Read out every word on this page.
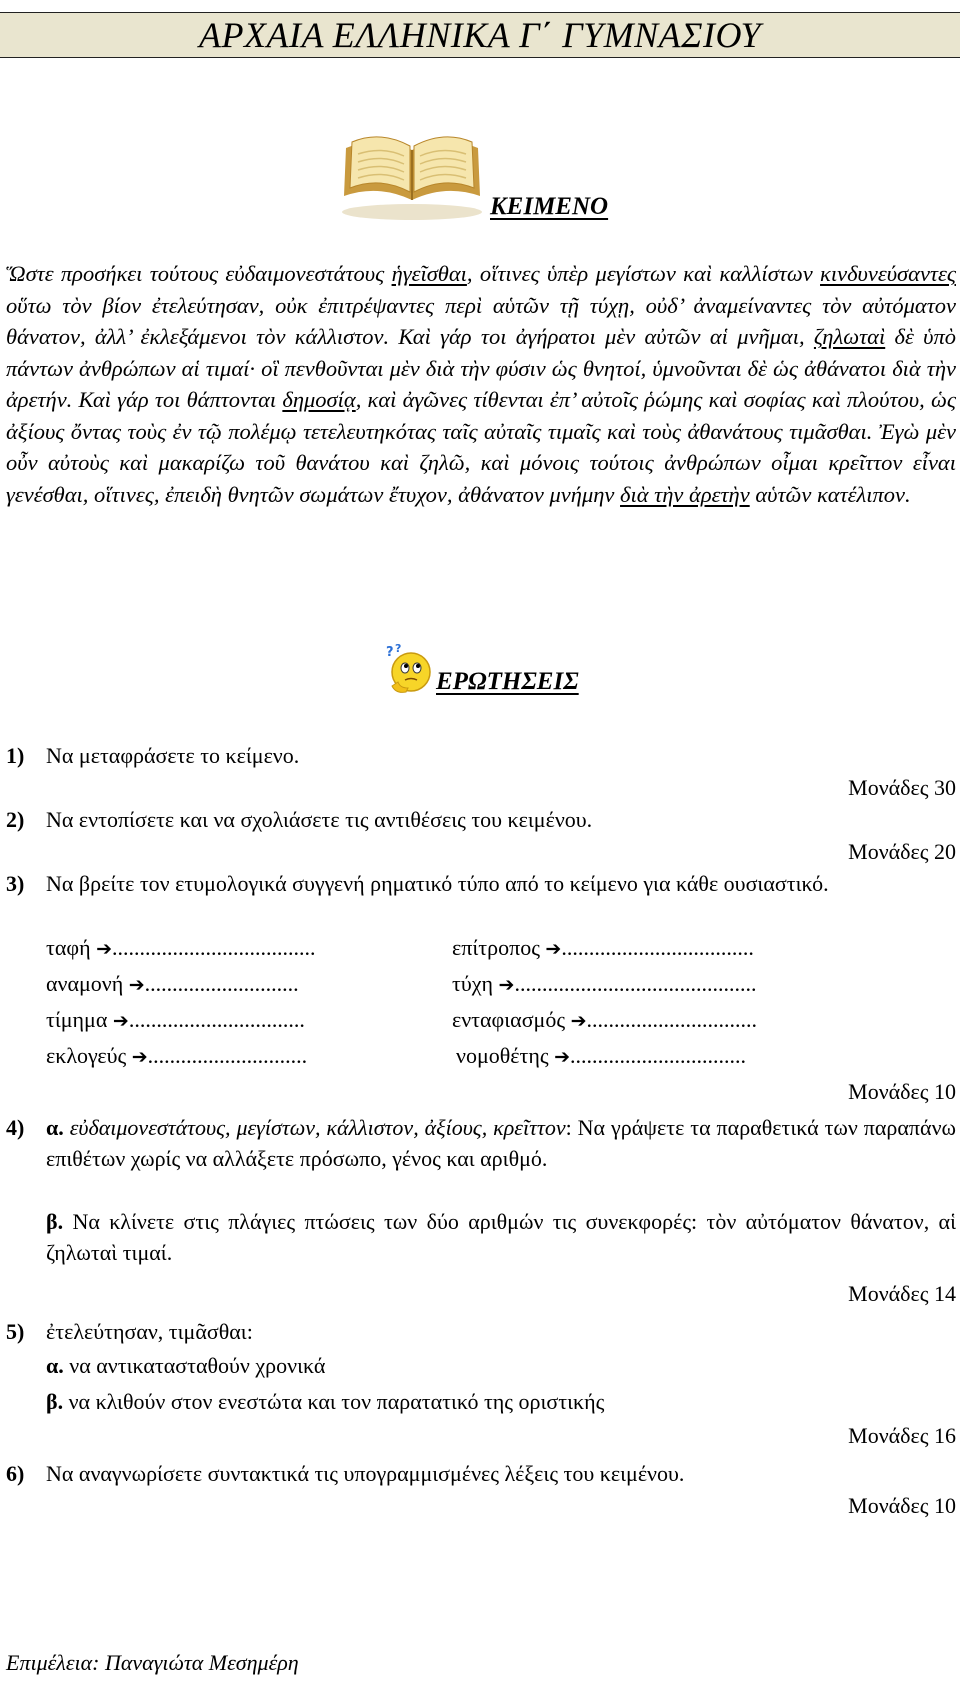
ΑΡΧΑΙΑ ΕΛΛΗΝΙΚΑ Γ΄ ΓΥΜΝΑΣΙΟΥ
ΚΕΙΜΕΝΟ
Ὥστε προσήκει τούτους εὐδαιμονεστάτους ἡγεῖσθαι, οἵτινες ὑπὲρ μεγίστων καὶ καλλίστων κινδυνεύσαντες οὕτω τὸν βίον ἐτελεύτησαν, οὐκ ἐπιτρέψαντες περὶ αὑτῶν τῇ τύχῃ, οὐδ’ ἀναμείναντες τὸν αὐτόματον θάνατον, ἀλλ’ ἐκλεξάμενοι τὸν κάλλιστον. Καὶ γάρ τοι ἀγήρατοι μὲν αὐτῶν αἱ μνῆμαι, ζηλωταὶ δὲ ὑπὸ πάντων ἀνθρώπων αἱ τιμαί· οἳ πενθοῦνται μὲν διὰ τὴν φύσιν ὡς θνητοί, ὑμνοῦνται δὲ ὡς ἀθάνατοι διὰ τὴν ἀρετήν. Καὶ γάρ τοι θάπτονται δημοσίᾳ, καὶ ἀγῶνες τίθενται ἐπ’ αὐτοῖς ῥώμης καὶ σοφίας καὶ πλούτου, ὡς ἀξίους ὄντας τοὺς ἐν τῷ πολέμῳ τετελευτηκότας ταῖς αὐταῖς τιμαῖς καὶ τοὺς ἀθανάτους τιμᾶσθαι. Ἐγὼ μὲν οὖν αὐτοὺς καὶ μακαρίζω τοῦ θανάτου καὶ ζηλῶ, καὶ μόνοις τούτοις ἀνθρώπων οἶμαι κρεῖττον εἶναι γενέσθαι, οἵτινες, ἐπειδὴ θνητῶν σωμάτων ἔτυχον, ἀθάνατον μνήμην διὰ τὴν ἀρετὴν αὑτῶν κατέλιπον.
? ?
ΕΡΩΤΗΣΕΙΣ
1) Να μεταφράσετε το κείμενο.
Μονάδες 30
2) Να εντοπίσετε και να σχολιάσετε τις αντιθέσεις του κειμένου.
Μονάδες 20
3) Να βρείτε τον ετυμολογικά συγγενή ρηματικό τύπο από το κείμενο για κάθε ουσιαστικό.
ταφή ➔.....................................	επίτροπος ➔...................................
αναμονή ➔............................	τύχη ➔............................................
τίμημα ➔................................	ενταφιασμός ➔...............................
εκλογεύς ➔.............................	νομοθέτης ➔................................
Μονάδες 10
4) α. εὐδαιμονεστάτους, μεγίστων, κάλλιστον, ἀξίους, κρεῖττον: Να γράψετε τα παραθετικά των παραπάνω επιθέτων χωρίς να αλλάξετε πρόσωπο, γένος και αριθμό.
β. Να κλίνετε στις πλάγιες πτώσεις των δύο αριθμών τις συνεκφορές: τὸν αὐτόματον θάνατον, αἱ ζηλωταὶ τιμαί.
Μονάδες 14
5) ἐτελεύτησαν, τιμᾶσθαι:
α. να αντικατασταθούν χρονικά
β. να κλιθούν στον ενεστώτα και τον παρατατικό της οριστικής
Μονάδες 16
6) Να αναγνωρίσετε συντακτικά τις υπογραμμισμένες λέξεις του κειμένου.
Μονάδες 10
Επιμέλεια: Παναγιώτα Μεσημέρη
